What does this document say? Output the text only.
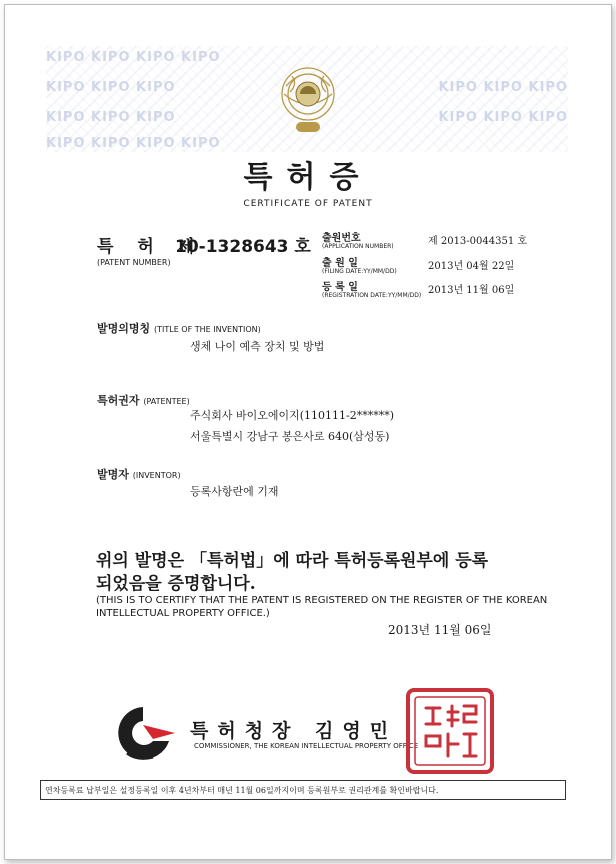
KIPO KIPO KIPO KIPO
KIPO KIPO KIPO	KIPO KIPO KIPO
KIPO KIPO KIPO	KIPO KIPO KIPO
KIPO KIPO KIPO KIPO
특허증
CERTIFICATE OF PATENT
특 허 제
10-1328643 호
(PATENT NUMBER)
출원번호
(APPLICATION NUMBER)	제 2013-0044351 호
출 원 일
(FILING DATE:YY/MM/DD)	2013년 04월 22일
등 록 일
(REGISTRATION DATE:YY/MM/DD) 2013년 11월 06일
발명의명칭 (TITLE OF THE INVENTION)
생체 나이 예측 장치 및 방법
특허권자 (PATENTEE)
주식회사 바이오에이지(110111-2******)
서울특별시 강남구 봉은사로 640(삼성동)
발명자 (INVENTOR)
등록사항란에 기재
위의 발명은 「특허법」에 따라 특허등록원부에 등록
되었음을 증명합니다.
(THIS IS TO CERTIFY THAT THE PATENT IS REGISTERED ON THE REGISTER OF THE KOREAN
INTELLECTUAL PROPERTY OFFICE.)
2013년 11월 06일
특허청장 김영민
COMMISSIONER, THE KOREAN INTELLECTUAL PROPERTY OFFICE
연차등록료 납부일은 설정등록일 이후 4년차부터 매년 11월 06일까지이며 등록원부로 권리관계를 확인바랍니다.
